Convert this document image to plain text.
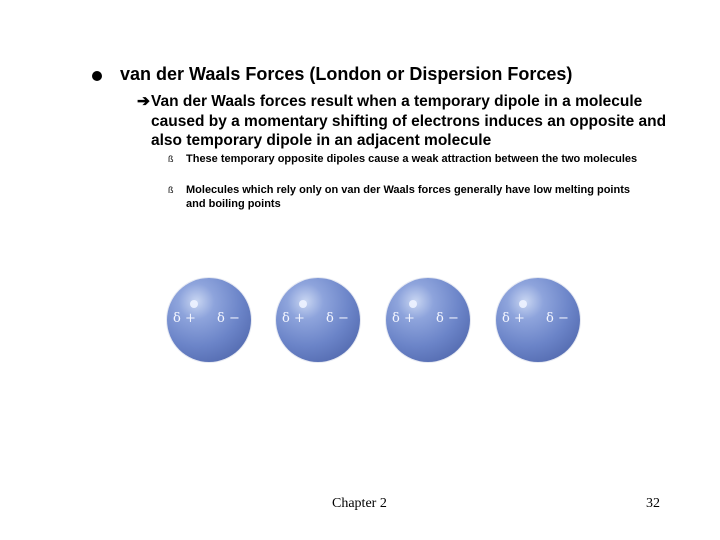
van der Waals Forces (London or Dispersion Forces)
➔ Van der Waals forces result when a temporary dipole in a molecule caused by a momentary shifting of electrons induces an opposite and also temporary dipole in an adjacent molecule
ß These temporary opposite dipoles cause a weak attraction between the two molecules
ß Molecules which rely only on van der Waals forces generally have low melting points and boiling points
δ + δ −	δ + δ −	δ + δ −	δ + δ −
Chapter 2	32
